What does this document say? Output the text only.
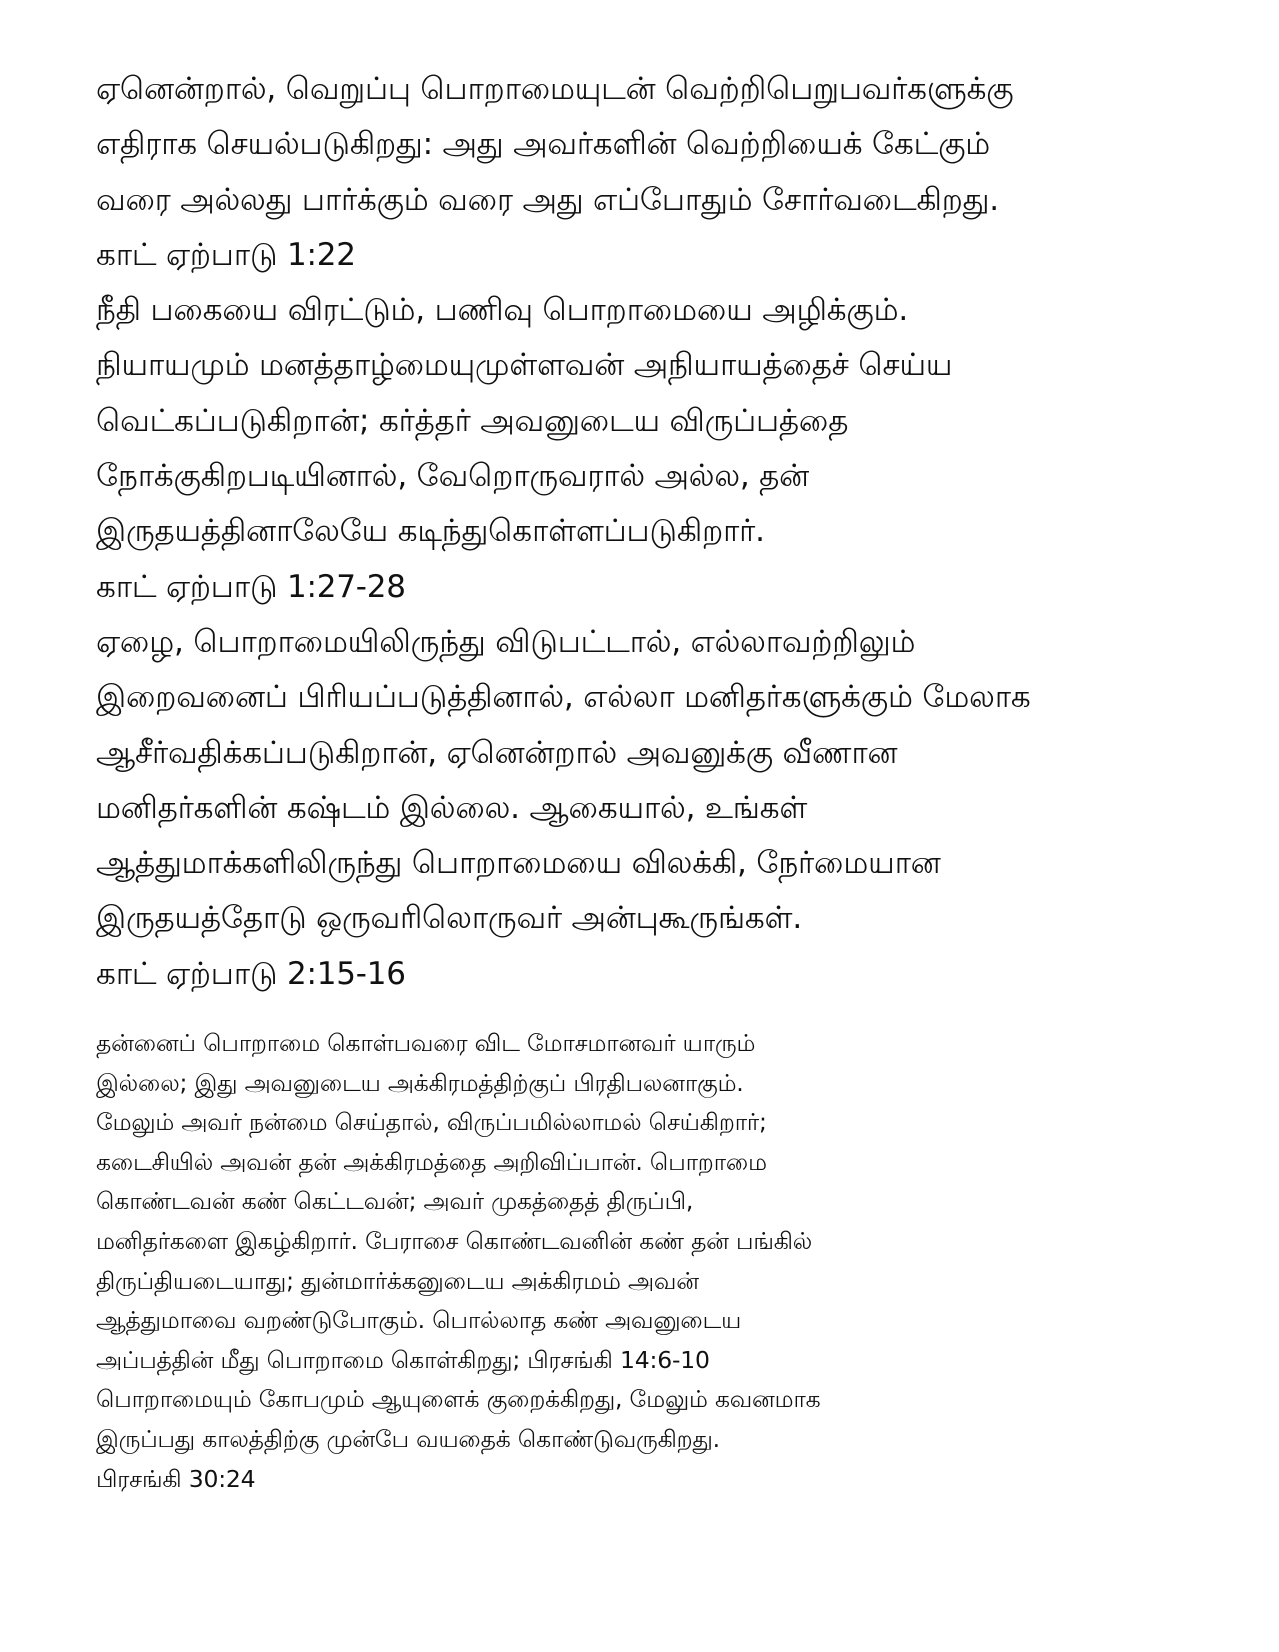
ஏனென்றால், வெறுப்பு பொறாமையுடன் வெற்றிபெறுபவர்களுக்கு
எதிராக செயல்படுகிறது: அது அவர்களின் வெற்றியைக் கேட்கும்
வரை அல்லது பார்க்கும் வரை அது எப்போதும் சோர்வடைகிறது.
காட் ஏற்பாடு 1:22
நீதி பகையை விரட்டும், பணிவு பொறாமையை அழிக்கும்.
நியாயமும் மனத்தாழ்மையுமுள்ளவன் அநியாயத்தைச் செய்ய
வெட்கப்படுகிறான்; கர்த்தர் அவனுடைய விருப்பத்தை
நோக்குகிறபடியினால், வேறொருவரால் அல்ல, தன்
இருதயத்தினாலேயே கடிந்துகொள்ளப்படுகிறார்.
காட் ஏற்பாடு 1:27-28
ஏழை, பொறாமையிலிருந்து விடுபட்டால், எல்லாவற்றிலும்
இறைவனைப் பிரியப்படுத்தினால், எல்லா மனிதர்களுக்கும் மேலாக
ஆசீர்வதிக்கப்படுகிறான், ஏனென்றால் அவனுக்கு வீணான
மனிதர்களின் கஷ்டம் இல்லை. ஆகையால், உங்கள்
ஆத்துமாக்களிலிருந்து பொறாமையை விலக்கி, நேர்மையான
இருதயத்தோடு ஒருவரிலொருவர் அன்புகூருங்கள்.
காட் ஏற்பாடு 2:15-16
தன்னைப் பொறாமை கொள்பவரை விட மோசமானவர் யாரும்
இல்லை; இது அவனுடைய அக்கிரமத்திற்குப் பிரதிபலனாகும்.
மேலும் அவர் நன்மை செய்தால், விருப்பமில்லாமல் செய்கிறார்;
கடைசியில் அவன் தன் அக்கிரமத்தை அறிவிப்பான். பொறாமை
கொண்டவன் கண் கெட்டவன்; அவர் முகத்தைத் திருப்பி,
மனிதர்களை இகழ்கிறார். பேராசை கொண்டவனின் கண் தன் பங்கில்
திருப்தியடையாது; துன்மார்க்கனுடைய அக்கிரமம் அவன்
ஆத்துமாவை வறண்டுபோகும். பொல்லாத கண் அவனுடைய
அப்பத்தின் மீது பொறாமை கொள்கிறது; பிரசங்கி 14:6-10
பொறாமையும் கோபமும் ஆயுளைக் குறைக்கிறது, மேலும் கவனமாக
இருப்பது காலத்திற்கு முன்பே வயதைக் கொண்டுவருகிறது.
பிரசங்கி 30:24
